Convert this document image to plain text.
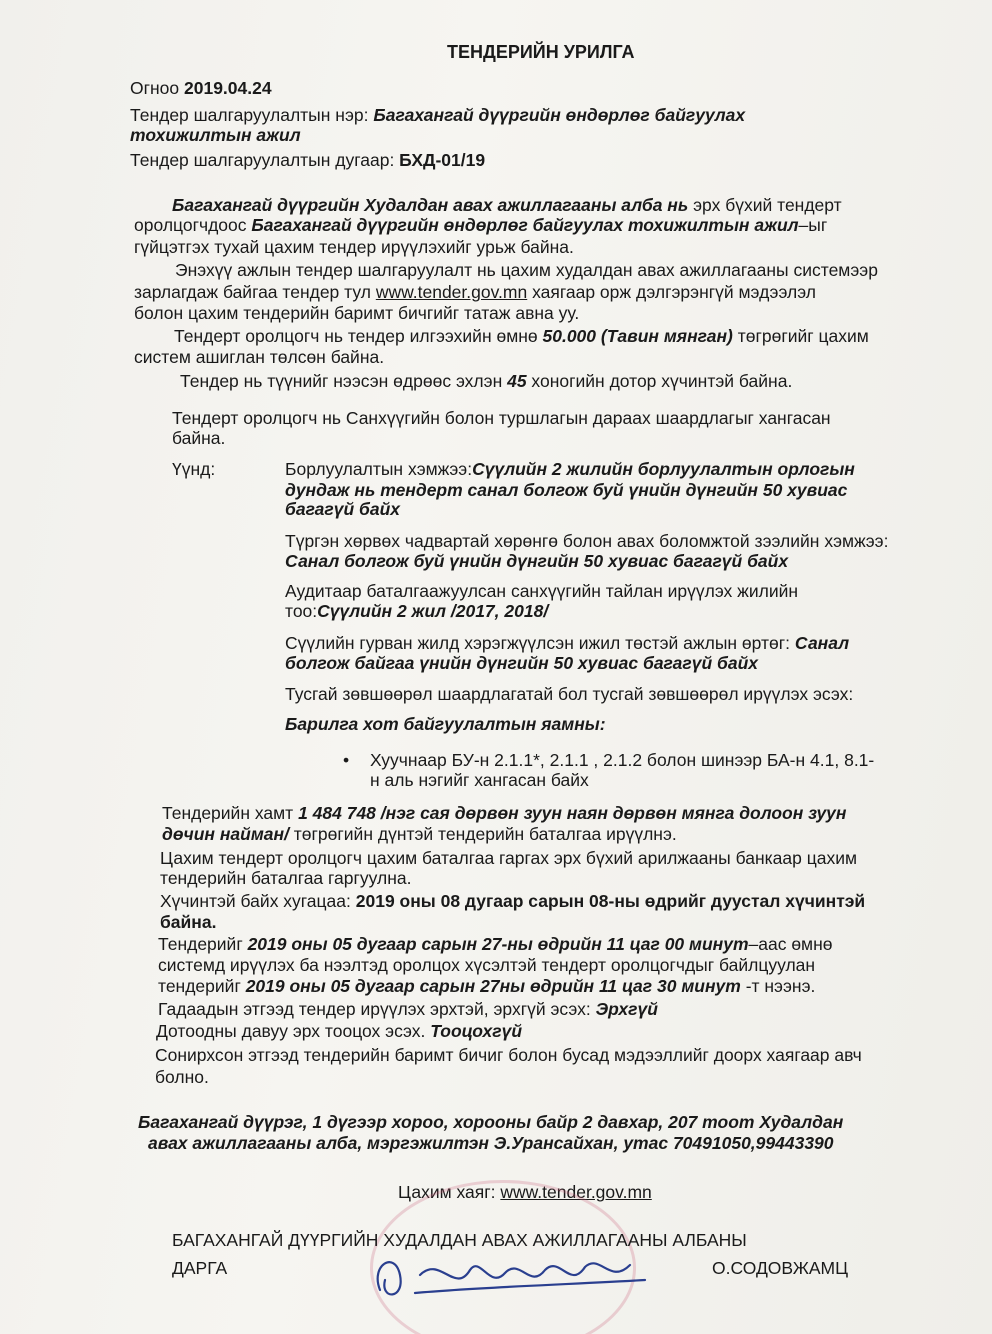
ТЕНДЕРИЙН УРИЛГА
Огноо 2019.04.24
Тендер шалгаруулалтын нэр: Багахангай дүүргийн өндөрлөг байгуулах
тохижилтын ажил
Тендер шалгаруулалтын дугаар: БХД-01/19
Багахангай дүүргийн Худалдан авах ажиллагааны алба нь эрх бүхий тендерт
оролцогчдоос Багахангай дүүргийн өндөрлөг байгуулах тохижилтын ажил–ыг
гүйцэтгэх тухай цахим тендер ирүүлэхийг урьж байна.
Энэхүү ажлын тендер шалгаруулалт нь цахим худалдан авах ажиллагааны системээр
зарлагдаж байгаа тендер тул www.tender.gov.mn хаягаар орж дэлгэрэнгүй мэдээлэл
болон цахим тендерийн баримт бичгийг татаж авна уу.
Тендерт оролцогч нь тендер илгээхийн өмнө 50.000 (Тавин мянган) төгрөгийг цахим
систем ашиглан төлсөн байна.
Тендер нь түүнийг нээсэн өдрөөс эхлэн 45 хоногийн дотор хүчинтэй байна.
Тендерт оролцогч нь Санхүүгийн болон туршлагын дараах шаардлагыг хангасан
байна.
Үүнд:	Борлуулалтын хэмжээ:Сүүлийн 2 жилийн борлуулалтын орлогын
дундаж нь тендерт санал болгож буй үнийн дүнгийн 50 хувиас
багагүй байх
Түргэн хөрвөх чадвартай хөрөнгө болон авах боломжтой зээлийн хэмжээ:
Санал болгож буй үнийн дүнгийн 50 хувиас багагүй байх
Аудитаар баталгаажуулсан санхүүгийн тайлан ирүүлэх жилийн
тоо:Сүүлийн 2 жил /2017, 2018/
Сүүлийн гурван жилд хэрэгжүүлсэн ижил төстэй ажлын өртөг: Санал
болгож байгаа үнийн дүнгийн 50 хувиас багагүй байх
Тусгай зөвшөөрөл шаардлагатай бол тусгай зөвшөөрөл ирүүлэх эсэх:
Барилга хот байгуулалтын яамны:
• Хуучнаар БУ-н 2.1.1*, 2.1.1 , 2.1.2 болон шинээр БА-н 4.1, 8.1-
н аль нэгийг хангасан байх
Тендерийн хамт 1 484 748 /нэг сая дөрвөн зуун наян дөрвөн мянга долоон зуун
дөчин найман/ төгрөгийн дүнтэй тендерийн баталгаа ирүүлнэ.
Цахим тендерт оролцогч цахим баталгаа гаргах эрх бүхий арилжааны банкаар цахим
тендерийн баталгаа гаргуулна.
Хүчинтэй байх хугацаа: 2019 оны 08 дугаар сарын 08-ны өдрийг дуустал хүчинтэй
байна.
Тендерийг 2019 оны 05 дугаар сарын 27-ны өдрийн 11 цаг 00 минут–аас өмнө
системд ирүүлэх ба нээлтэд оролцох хүсэлтэй тендерт оролцогчдыг байлцуулан
тендерийг 2019 оны 05 дугаар сарын 27ны өдрийн 11 цаг 30 минут -т нээнэ.
Гадаадын этгээд тендер ирүүлэх эрхтэй, эрхгүй эсэх: Эрхгүй
Дотоодны давуу эрх тооцох эсэх. Тооцохгүй
Сонирхсон этгээд тендерийн баримт бичиг болон бусад мэдээллийг доорх хаягаар авч
болно.
Багахангай дүүрэг, 1 дүгээр хороо, хорооны байр 2 давхар, 207 тоот Худалдан
авах ажиллагааны алба, мэргэжилтэн Э.Урансайхан, утас 70491050,99443390
Цахим хаяг: www.tender.gov.mn
БАГАХАНГАЙ ДҮҮРГИЙН ХУДАЛДАН АВАХ АЖИЛЛАГААНЫ АЛБАНЫ
ДАРГА	О.СОДОВЖАМЦ
